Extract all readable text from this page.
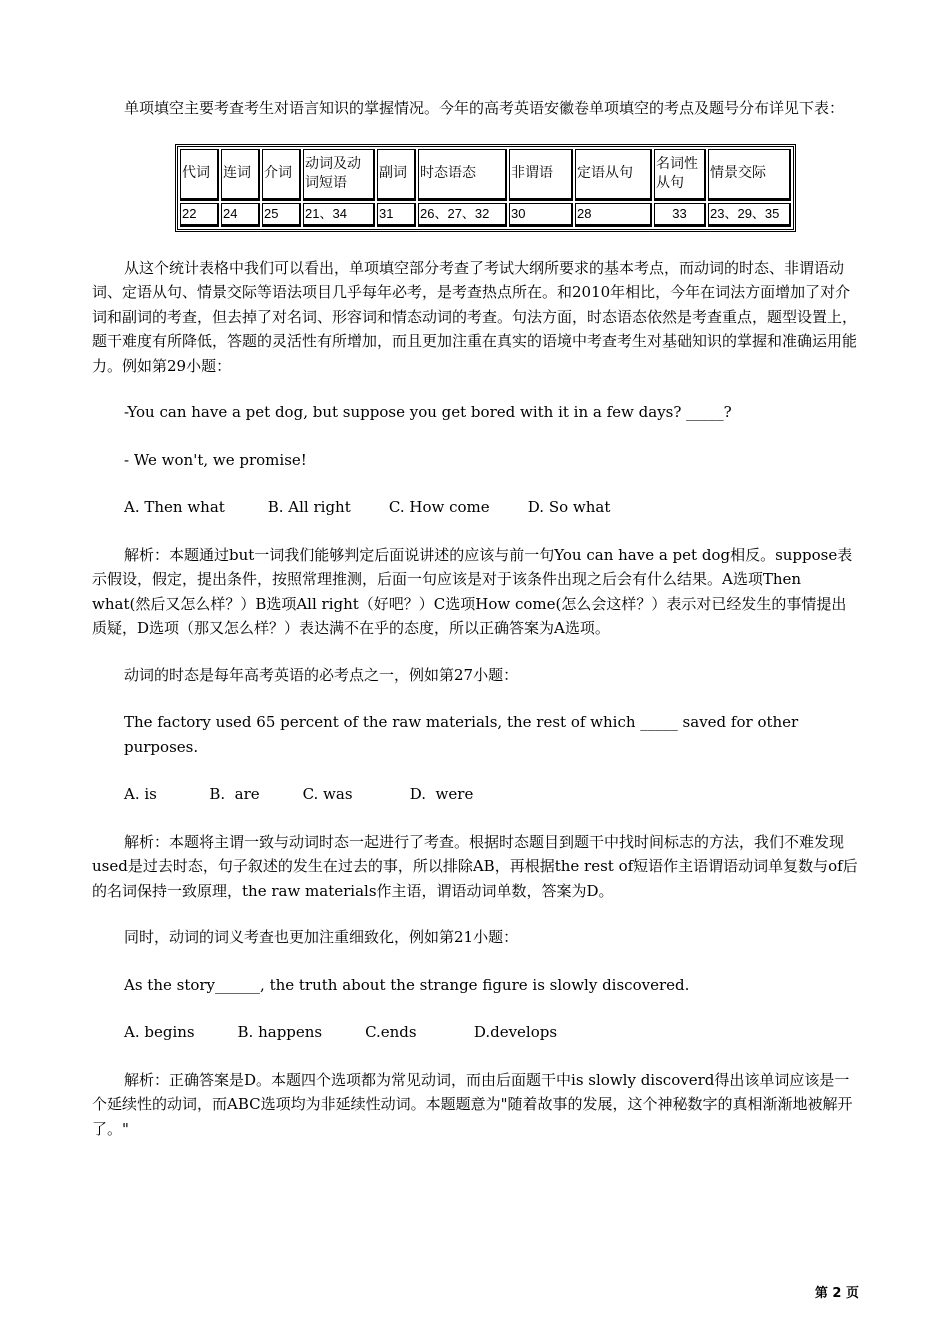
单项填空主要考查考生对语言知识的掌握情况。今年的高考英语安徽卷单项填空的考点及题号分布详见下表：

代词	连词	介词	动词及动词短语	副词	时态语态	非谓语	定语从句	名词性从句	情景交际
22	24	25	21、34	31	26、27、32	30	28	33	23、29、35

从这个统计表格中我们可以看出，单项填空部分考查了考试大纲所要求的基本考点，而动词的时态、非谓语动词、定语从句、情景交际等语法项目几乎每年必考，是考查热点所在。和2010年相比，今年在词法方面增加了对介词和副词的考查，但去掉了对名词、形容词和情态动词的考查。句法方面，时态语态依然是考查重点，题型设置上，题干难度有所降低，答题的灵活性有所增加，而且更加注重在真实的语境中考查考生对基础知识的掌握和准确运用能力。例如第29小题：

-You can have a pet dog, but suppose you get bored with it in a few days? _____?

- We won't, we promise!

A. Then what	B. All right	C. How come	D. So what

解析：本题通过but一词我们能够判定后面说讲述的应该与前一句You can have a pet dog相反。suppose表示假设，假定，提出条件，按照常理推测，后面一句应该是对于该条件出现之后会有什么结果。A选项Then what(然后又怎么样？）B选项All right（好吧？）C选项How come(怎么会这样？）表示对已经发生的事情提出质疑，D选项（那又怎么样？）表达满不在乎的态度，所以正确答案为A选项。

动词的时态是每年高考英语的必考点之一，例如第27小题：

The factory used 65 percent of the raw materials, the rest of which _____ saved for other purposes.

A. is	B.  are	C. was	D.  were

解析：本题将主谓一致与动词时态一起进行了考查。根据时态题目到题干中找时间标志的方法，我们不难发现used是过去时态，句子叙述的发生在过去的事，所以排除AB，再根据the rest of短语作主语谓语动词单复数与of后的名词保持一致原理，the raw materials作主语，谓语动词单数，答案为D。

同时，动词的词义考查也更加注重细致化，例如第21小题：

As the story______, the truth about the strange figure is slowly discovered.

A. begins	B. happens	C.ends	D.develops

解析：正确答案是D。本题四个选项都为常见动词，而由后面题干中is slowly discoverd得出该单词应该是一个延续性的动词，而ABC选项均为非延续性动词。本题题意为"随着故事的发展，这个神秘数字的真相渐渐地被解开了。"

第 2 页
